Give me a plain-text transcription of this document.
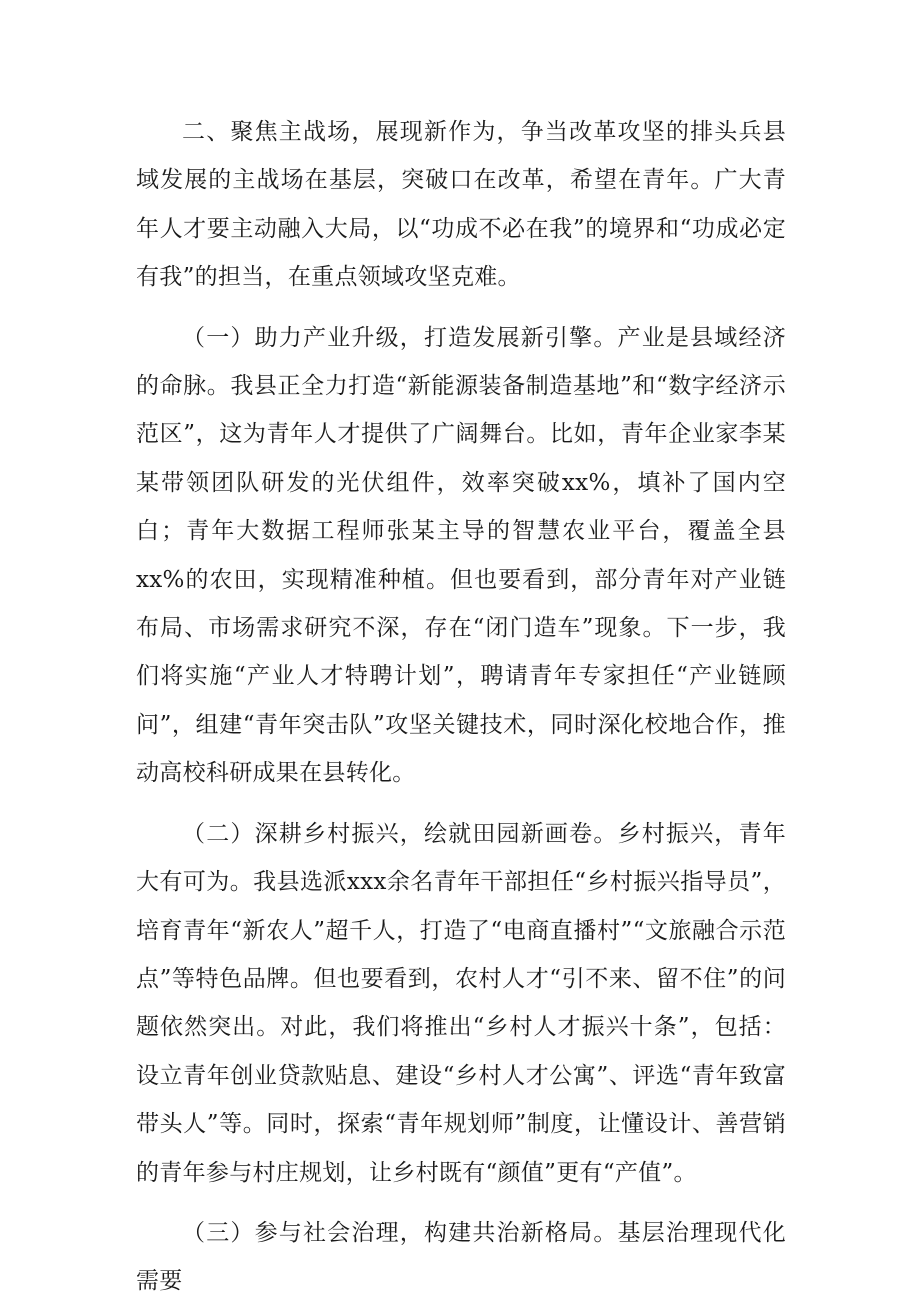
二、聚焦主战场，展现新作为，争当改革攻坚的排头兵县域发展的主战场在基层，突破口在改革，希望在青年。广大青年人才要主动融入大局，以“功成不必在我”的境界和“功成必定有我”的担当，在重点领域攻坚克难。

（一）助力产业升级，打造发展新引擎。产业是县域经济的命脉。我县正全力打造“新能源装备制造基地”和“数字经济示范区”，这为青年人才提供了广阔舞台。比如，青年企业家李某某带领团队研发的光伏组件，效率突破xx%，填补了国内空白；青年大数据工程师张某主导的智慧农业平台，覆盖全县xx%的农田，实现精准种植。但也要看到，部分青年对产业链布局、市场需求研究不深，存在“闭门造车”现象。下一步，我们将实施“产业人才特聘计划”，聘请青年专家担任“产业链顾问”，组建“青年突击队”攻坚关键技术，同时深化校地合作，推动高校科研成果在县转化。

（二）深耕乡村振兴，绘就田园新画卷。乡村振兴，青年大有可为。我县选派xxx余名青年干部担任“乡村振兴指导员”，培育青年“新农人”超千人，打造了“电商直播村”“文旅融合示范点”等特色品牌。但也要看到，农村人才“引不来、留不住”的问题依然突出。对此，我们将推出“乡村人才振兴十条”，包括：设立青年创业贷款贴息、建设“乡村人才公寓”、评选“青年致富带头人”等。同时，探索“青年规划师”制度，让懂设计、善营销的青年参与村庄规划，让乡村既有“颜值”更有“产值”。

（三）参与社会治理，构建共治新格局。基层治理现代化需要
